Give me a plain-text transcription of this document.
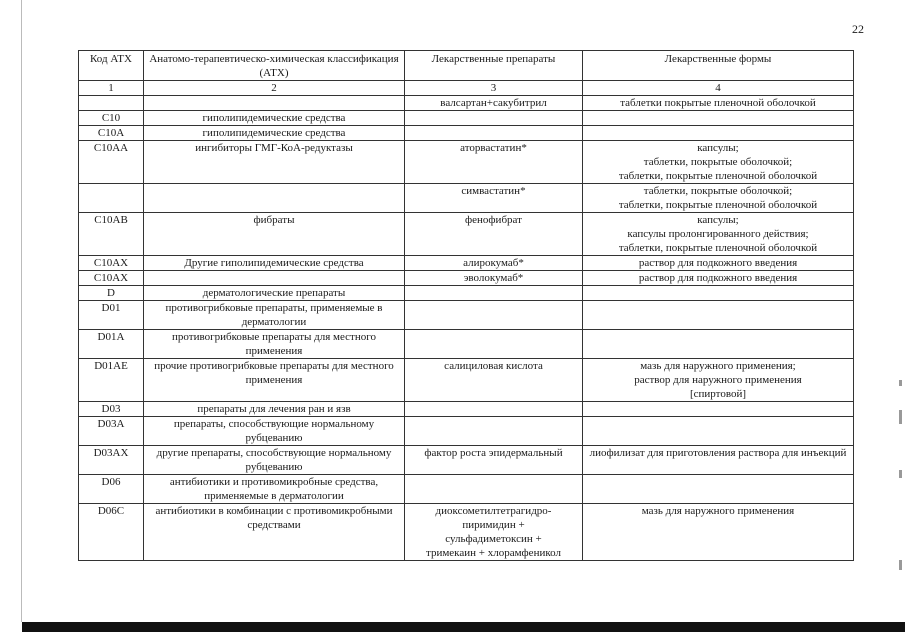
22
Код АТХ	Анатомо-терапевтическо-химическая классификация (АТХ)	Лекарственные препараты	Лекарственные формы
1	2	3	4
		валсартан+сакубитрил	таблетки покрытые пленочной оболочкой
C10	гиполипидемические средства		
C10A	гиполипидемические средства		
C10AA	ингибиторы ГМГ-КоА-редуктазы	аторвастатин*	капсулы;
таблетки, покрытые оболочкой;
таблетки, покрытые пленочной оболочкой
		симвастатин*	таблетки, покрытые оболочкой;
таблетки, покрытые пленочной оболочкой
C10AB	фибраты	фенофибрат	капсулы;
капсулы пролонгированного действия;
таблетки, покрытые пленочной оболочкой
C10AX	Другие гиполипидемические средства	алирокумаб*	раствор для подкожного введения
C10AX		эволокумаб*	раствор для подкожного введения
D	дерматологические препараты		
D01	противогрибковые препараты, применяемые в дерматологии		
D01A	противогрибковые препараты для местного применения		
D01AE	прочие противогрибковые препараты для местного применения	салициловая кислота	мазь для наружного применения;
раствор для наружного применения
[спиртовой]
D03	препараты для лечения ран и язв		
D03A	препараты, способствующие нормальному рубцеванию		
D03AX	другие препараты, способствующие нормальному рубцеванию	фактор роста эпидермальный	лиофилизат для приготовления раствора для инъекций
D06	антибиотики и противомикробные средства, применяемые в дерматологии		
D06C	антибиотики в комбинации с противомикробными средствами	диоксометилтетрагидро-
пиримидин +
сульфадиметоксин +
тримекаин + хлорамфеникол	мазь для наружного применения
